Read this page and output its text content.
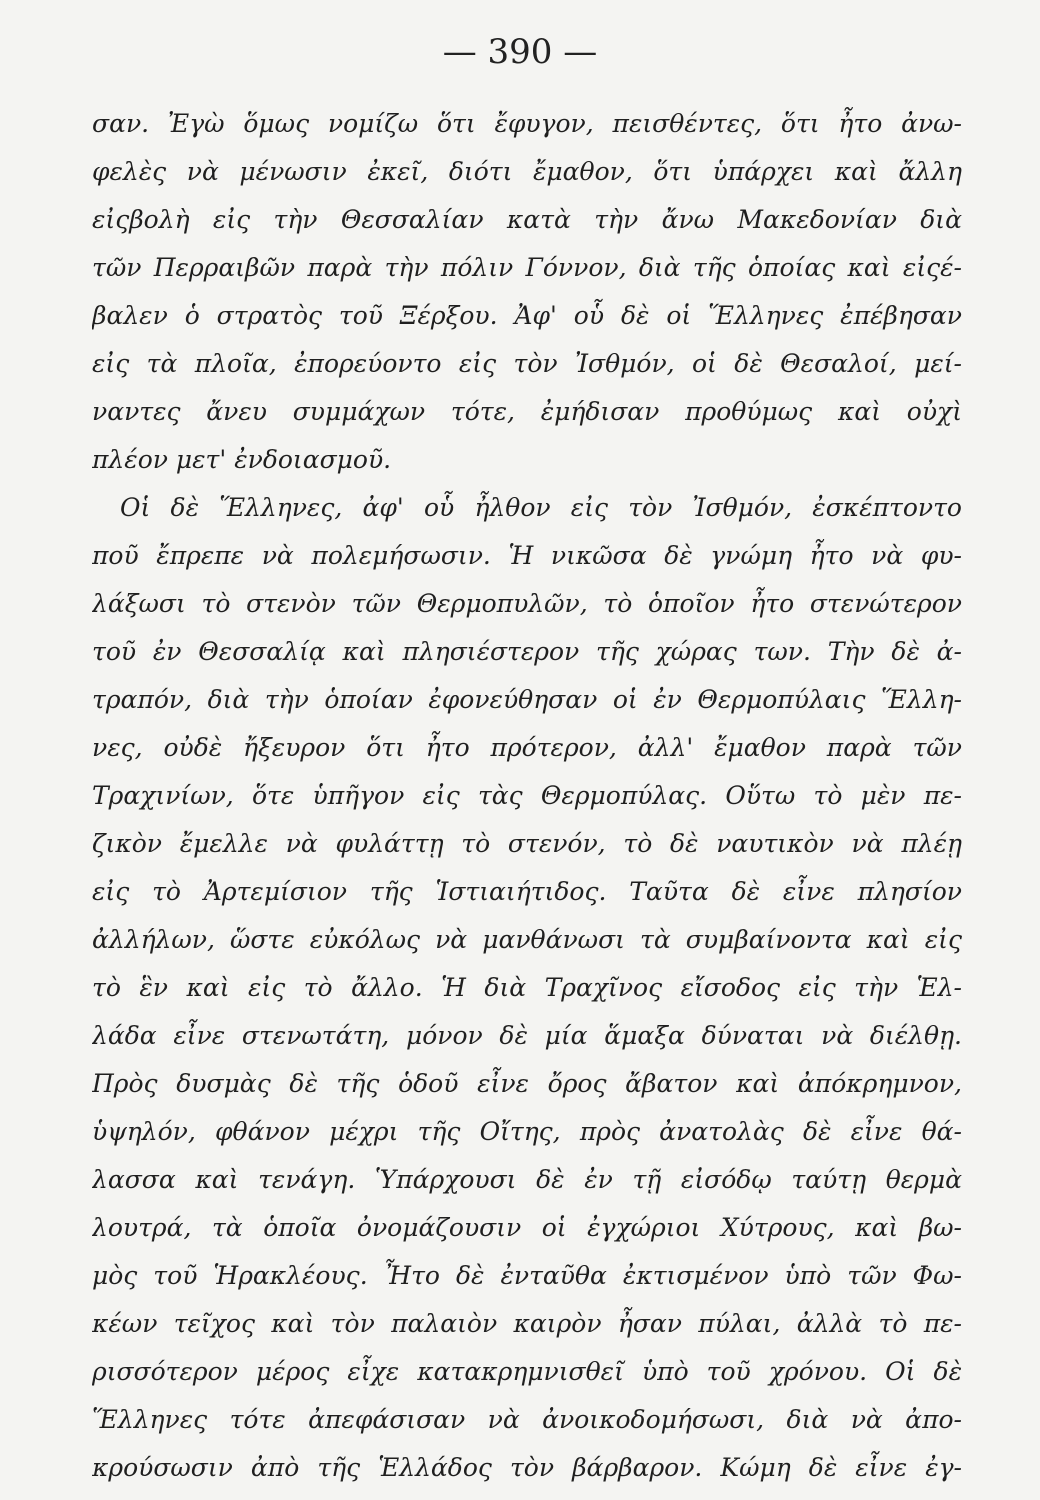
— 390 —
σαν. Ἐγὼ ὅμως νομίζω ὅτι ἔφυγον, πεισθέντες, ὅτι ἦτο ἀνω-
φελὲς νὰ μένωσιν ἐκεῖ, διότι ἔμαθον, ὅτι ὑπάρχει καὶ ἄλλη
εἰςβολὴ εἰς τὴν Θεσσαλίαν κατὰ τὴν ἄνω Μακεδονίαν διὰ
τῶν Περραιβῶν παρὰ τὴν πόλιν Γόννον, διὰ τῆς ὁποίας καὶ εἰςέ-
βαλεν ὁ στρατὸς τοῦ Ξέρξου. Ἀφ' οὗ δὲ οἱ Ἕλληνες ἐπέβησαν
εἰς τὰ πλοῖα, ἐπορεύοντο εἰς τὸν Ἰσθμόν, οἱ δὲ Θεσαλοί, μεί-
ναντες ἄνευ συμμάχων τότε, ἐμήδισαν προθύμως καὶ οὐχὶ
πλέον μετ' ἐνδοιασμοῦ.
Οἱ δὲ Ἕλληνες, ἀφ' οὗ ἦλθον εἰς τὸν Ἰσθμόν, ἐσκέπτοντο
ποῦ ἔπρεπε νὰ πολεμήσωσιν. Ἡ νικῶσα δὲ γνώμη ἦτο νὰ φυ-
λάξωσι τὸ στενὸν τῶν Θερμοπυλῶν, τὸ ὁποῖον ἦτο στενώτερον
τοῦ ἐν Θεσσαλίᾳ καὶ πλησιέστερον τῆς χώρας των. Τὴν δὲ ἀ-
τραπόν, διὰ τὴν ὁποίαν ἐφονεύθησαν οἱ ἐν Θερμοπύλαις Ἕλλη-
νες, οὐδὲ ἤξευρον ὅτι ἦτο πρότερον, ἀλλ' ἔμαθον παρὰ τῶν
Τραχινίων, ὅτε ὑπῆγον εἰς τὰς Θερμοπύλας. Οὕτω τὸ μὲν πε-
ζικὸν ἔμελλε νὰ φυλάττῃ τὸ στενόν, τὸ δὲ ναυτικὸν νὰ πλέῃ
εἰς τὸ Ἀρτεμίσιον τῆς Ἱστιαιήτιδος. Ταῦτα δὲ εἶνε πλησίον
ἀλλήλων, ὥστε εὐκόλως νὰ μανθάνωσι τὰ συμβαίνοντα καὶ εἰς
τὸ ἓν καὶ εἰς τὸ ἄλλο. Ἡ διὰ Τραχῖνος εἴσοδος εἰς τὴν Ἑλ-
λάδα εἶνε στενωτάτη, μόνον δὲ μία ἅμαξα δύναται νὰ διέλθῃ.
Πρὸς δυσμὰς δὲ τῆς ὁδοῦ εἶνε ὄρος ἄβατον καὶ ἀπόκρημνον,
ὑψηλόν, φθάνον μέχρι τῆς Οἴτης, πρὸς ἀνατολὰς δὲ εἶνε θά-
λασσα καὶ τενάγη. Ὑπάρχουσι δὲ ἐν τῇ εἰσόδῳ ταύτῃ θερμὰ
λουτρά, τὰ ὁποῖα ὀνομάζουσιν οἱ ἐγχώριοι Χύτρους, καὶ βω-
μὸς τοῦ Ἡρακλέους. Ἦτο δὲ ἐνταῦθα ἐκτισμένον ὑπὸ τῶν Φω-
κέων τεῖχος καὶ τὸν παλαιὸν καιρὸν ἦσαν πύλαι, ἀλλὰ τὸ πε-
ρισσότερον μέρος εἶχε κατακρημνισθεῖ ὑπὸ τοῦ χρόνου. Οἱ δὲ
Ἕλληνες τότε ἀπεφάσισαν νὰ ἀνοικοδομήσωσι, διὰ νὰ ἀπο-
κρούσωσιν ἀπὸ τῆς Ἑλλάδος τὸν βάρβαρον. Κώμη δὲ εἶνε ἐγ-
